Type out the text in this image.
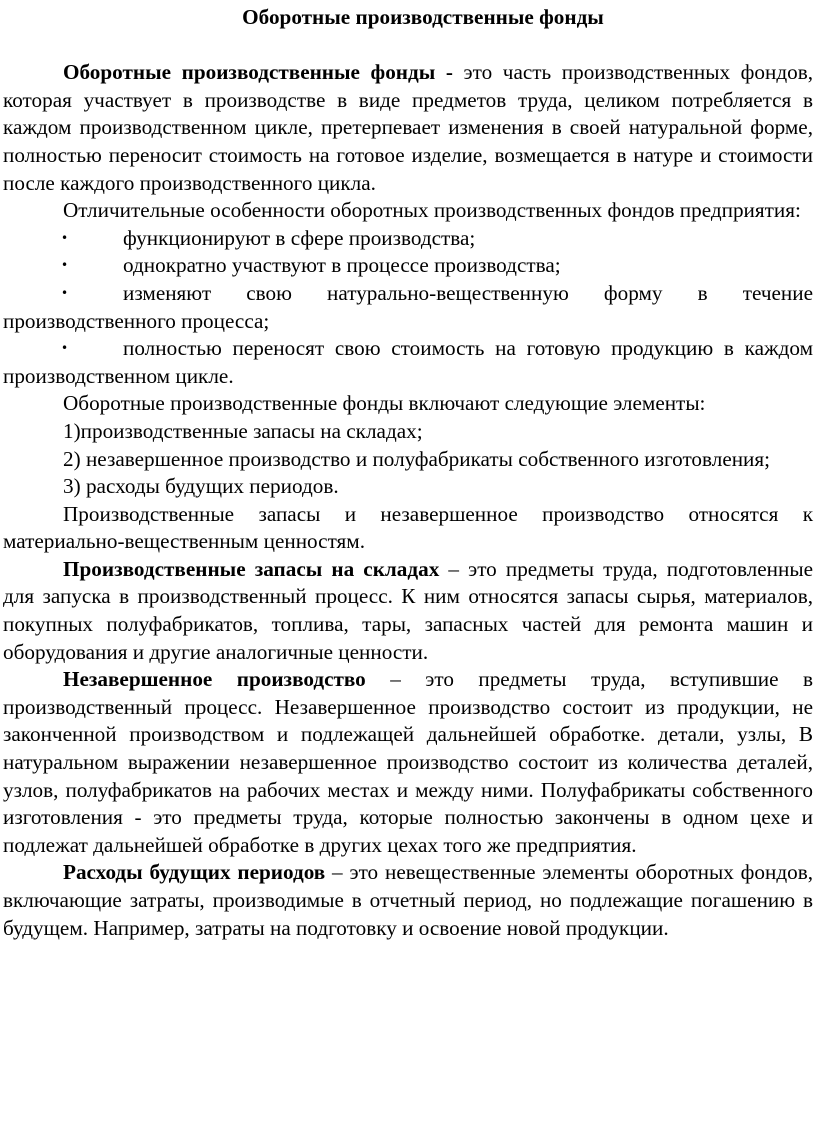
Оборотные производственные фонды

Оборотные производственные фонды - это часть производственных фондов, которая участвует в производстве в виде предметов труда, целиком потребляется в каждом производственном цикле, претерпевает изменения в своей натуральной форме, полностью переносит стоимость на готовое изделие, возмещается в натуре и стоимости после каждого производственного цикла.

Отличительные особенности оборотных производственных фондов предприятия:

•	функционируют в сфере производства;
•	однократно участвуют в процессе производства;
•	изменяют свою натурально-вещественную форму в течение производственного процесса;
•	полностью переносят свою стоимость на готовую продукцию в каждом производственном цикле.

Оборотные производственные фонды включают следующие элементы:

1)производственные запасы на складах;

2) незавершенное производство и полуфабрикаты собственного изготовления;

3) расходы будущих периодов.

Производственные запасы и незавершенное производство относятся к материально-вещественным ценностям.

Производственные запасы на складах – это предметы труда, подготовленные для запуска в производственный процесс. К ним относятся запасы сырья, материалов, покупных полуфабрикатов, топлива, тары, запасных частей для ремонта машин и оборудования и другие аналогичные ценности.

Незавершенное производство – это предметы труда, вступившие в производственный процесс. Незавершенное производство состоит из продукции, не законченной производством и подлежащей дальнейшей обработке. детали, узлы, В натуральном выражении незавершенное производство состоит из количества деталей, узлов, полуфабрикатов на рабочих местах и между ними. Полуфабрикаты собственного изготовления - это предметы труда, которые полностью закончены в одном цехе и подлежат дальнейшей обработке в других цехах того же предприятия.

Расходы будущих периодов – это невещественные элементы оборотных фондов, включающие затраты, производимые в отчетный период, но подлежащие погашению в будущем. Например, затраты на подготовку и освоение новой продукции.
